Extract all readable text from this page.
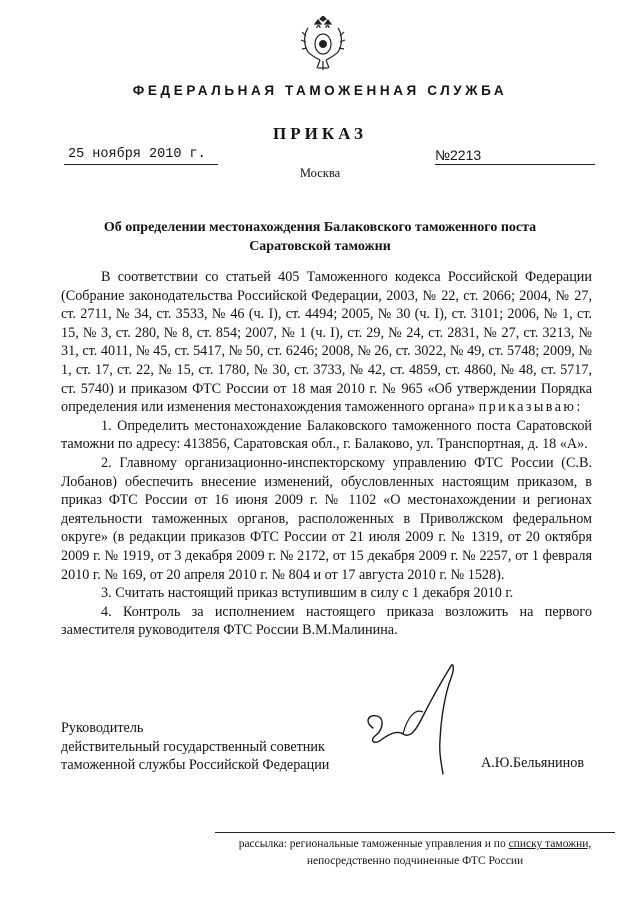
ФЕДЕРАЛЬНАЯ ТАМОЖЕННАЯ СЛУЖБА
ПРИКАЗ
25 ноября 2010 г.	№2213
Москва
Об определении местонахождения Балаковского таможенного поста
Саратовской таможни

В соответствии со статьей 405 Таможенного кодекса Российской Федерации (Собрание законодательства Российской Федерации, 2003, № 22, ст. 2066; 2004, № 27, ст. 2711, № 34, ст. 3533, № 46 (ч. I), ст. 4494; 2005, № 30 (ч. I), ст. 3101; 2006, № 1, ст. 15, № 3, ст. 280, № 8, ст. 854; 2007, № 1 (ч. I), ст. 29, № 24, ст. 2831, № 27, ст. 3213, № 31, ст. 4011, № 45, ст. 5417, № 50, ст. 6246; 2008, № 26, ст. 3022, № 49, ст. 5748; 2009, № 1, ст. 17, ст. 22, № 15, ст. 1780, № 30, ст. 3733, № 42, ст. 4859, ст. 4860, № 48, ст. 5717, ст. 5740) и приказом ФТС России от 18 мая 2010 г. № 965 «Об утверждении Порядка определения или изменения местонахождения таможенного органа» приказываю:

1. Определить местонахождение Балаковского таможенного поста Саратовской таможни по адресу: 413856, Саратовская обл., г. Балаково, ул. Транспортная, д. 18 «А».

2. Главному организационно-инспекторскому управлению ФТС России (С.В. Лобанов) обеспечить внесение изменений, обусловленных настоящим приказом, в приказ ФТС России от 16 июня 2009 г. № 1102 «О местонахождении и регионах деятельности таможенных органов, расположенных в Приволжском федеральном округе» (в редакции приказов ФТС России от 21 июля 2009 г. № 1319, от 20 октября 2009 г. № 1919, от 3 декабря 2009 г. № 2172, от 15 декабря 2009 г. № 2257, от 1 февраля 2010 г. № 169, от 20 апреля 2010 г. № 804 и от 17 августа 2010 г. № 1528).

3. Считать настоящий приказ вступившим в силу с 1 декабря 2010 г.

4. Контроль за исполнением настоящего приказа возложить на первого заместителя руководителя ФТС России В.М.Малинина.

Руководитель
действительный государственный советник
таможенной службы Российской Федерации	А.Ю.Бельянинов
рассылка: региональные таможенные управления и по списку таможни,
непосредственно подчиненные ФТС России
